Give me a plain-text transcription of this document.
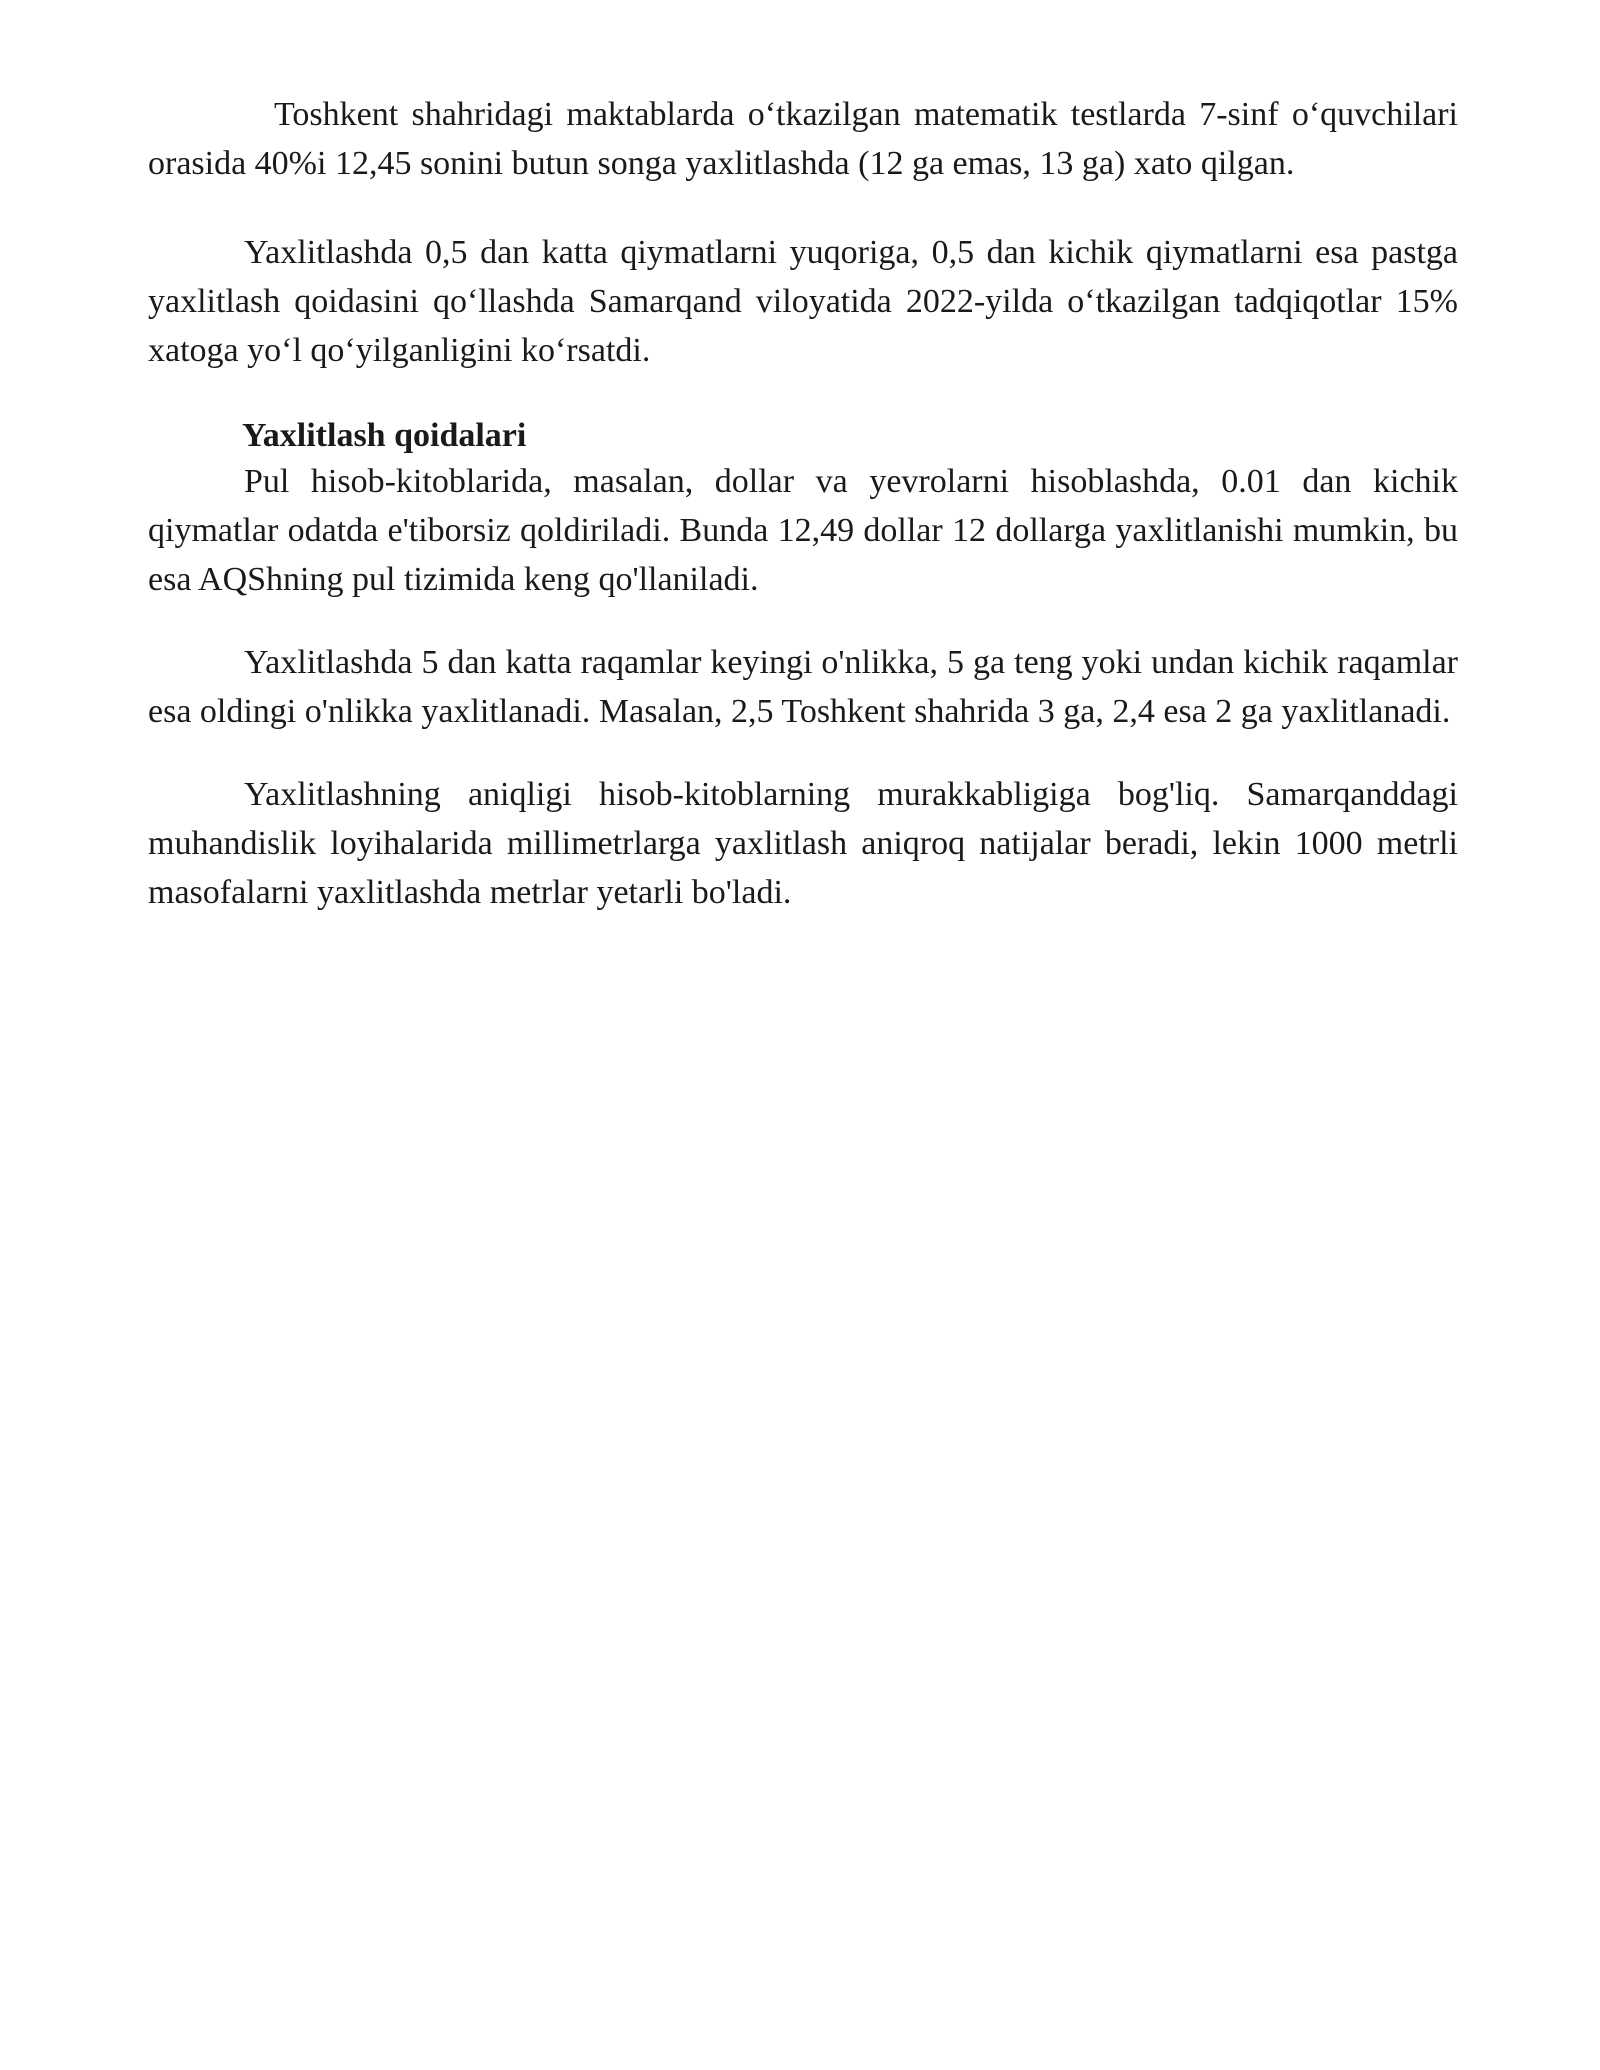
Toshkent shahridagi maktablarda o‘tkazilgan matematik testlarda 7-sinf o‘quvchilari orasida 40%i 12,45 sonini butun songa yaxlitlashda (12 ga emas, 13 ga) xato qilgan.

Yaxlitlashda 0,5 dan katta qiymatlarni yuqoriga, 0,5 dan kichik qiymatlarni esa pastga yaxlitlash qoidasini qo‘llashda Samarqand viloyatida 2022-yilda o‘tkazilgan tadqiqotlar 15% xatoga yo‘l qo‘yilganligini ko‘rsatdi.

Yaxlitlash qoidalari

Pul hisob-kitoblarida, masalan, dollar va yevrolarni hisoblashda, 0.01 dan kichik qiymatlar odatda e'tiborsiz qoldiriladi. Bunda 12,49 dollar 12 dollarga yaxlitlanishi mumkin, bu esa AQShning pul tizimida keng qo'llaniladi.

Yaxlitlashda 5 dan katta raqamlar keyingi o'nlikka, 5 ga teng yoki undan kichik raqamlar esa oldingi o'nlikka yaxlitlanadi. Masalan, 2,5 Toshkent shahrida 3 ga, 2,4 esa 2 ga yaxlitlanadi.

Yaxlitlashning aniqligi hisob-kitoblarning murakkabligiga bog'liq. Samarqanddagi muhandislik loyihalarida millimetrlarga yaxlitlash aniqroq natijalar beradi, lekin 1000 metrli masofalarni yaxlitlashda metrlar yetarli bo'ladi.
